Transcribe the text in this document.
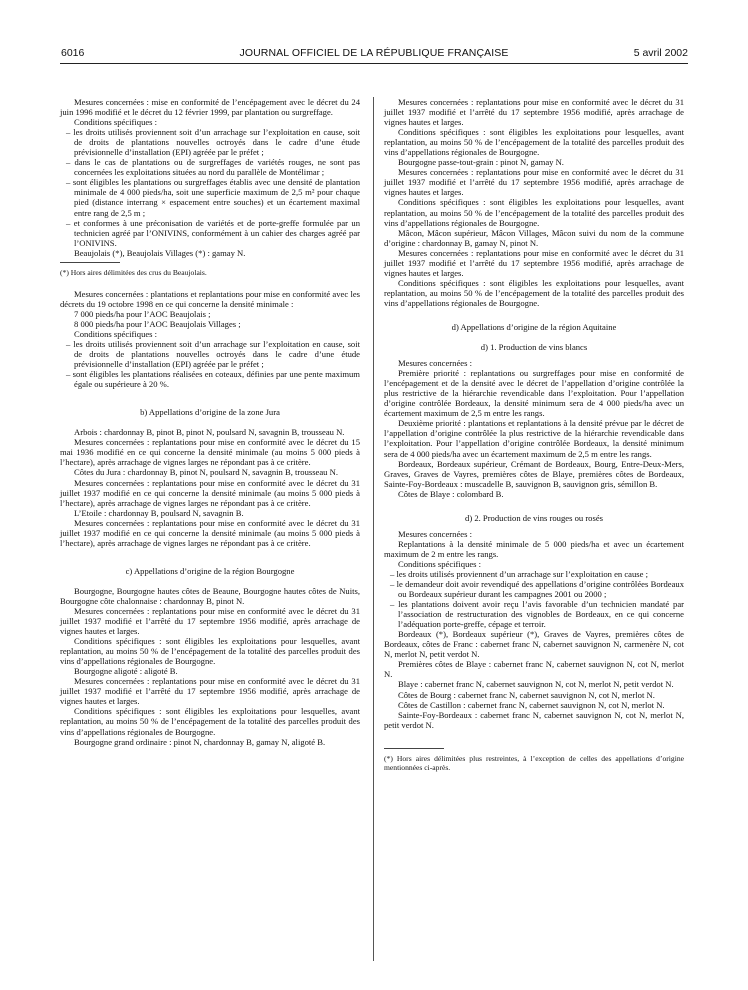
6016	JOURNAL OFFICIEL DE LA RÉPUBLIQUE FRANÇAISE	5 avril 2002

Mesures concernées : mise en conformité de l’encépagement avec le décret du 24 juin 1996 modifié et le décret du 12 février 1999, par plantation ou surgreffage.

Conditions spécifiques :

– les droits utilisés proviennent soit d’un arrachage sur l’exploitation en cause, soit de droits de plantations nouvelles octroyés dans le cadre d’une étude prévisionnelle d’installation (EPI) agréée par le préfet ;

– dans le cas de plantations ou de surgreffages de variétés rouges, ne sont pas concernées les exploitations situées au nord du parallèle de Montélimar ;

– sont éligibles les plantations ou surgreffages établis avec une densité de plantation minimale de 4 000 pieds/ha, soit une superficie maximum de 2,5 m² pour chaque pied (distance interrang × espacement entre souches) et un écartement maximal entre rang de 2,5 m ;

– et conformes à une préconisation de variétés et de porte-greffe formulée par un technicien agréé par l’ONIVINS, conformément à un cahier des charges agréé par l’ONIVINS.

Beaujolais (*), Beaujolais Villages (*) : gamay N.

(*) Hors aires délimitées des crus du Beaujolais.

Mesures concernées : plantations et replantations pour mise en conformité avec les décrets du 19 octobre 1998 en ce qui concerne la densité minimale :

7 000 pieds/ha pour l’AOC Beaujolais ;

8 000 pieds/ha pour l’AOC Beaujolais Villages ;

Conditions spécifiques :

– les droits utilisés proviennent soit d’un arrachage sur l’exploitation en cause, soit de droits de plantations nouvelles octroyés dans le cadre d’une étude prévisionnelle d’installation (EPI) agréée par le préfet ;

– sont éligibles les plantations réalisées en coteaux, définies par une pente maximum égale ou supérieure à 20 %.

b) Appellations d’origine de la zone Jura

Arbois : chardonnay B, pinot B, pinot N, poulsard N, savagnin B, trousseau N.

Mesures concernées : replantations pour mise en conformité avec le décret du 15 mai 1936 modifié en ce qui concerne la densité minimale (au moins 5 000 pieds à l’hectare), après arrachage de vignes larges ne répondant pas à ce critère.

Côtes du Jura : chardonnay B, pinot N, poulsard N, savagnin B, trousseau N.

Mesures concernées : replantations pour mise en conformité avec le décret du 31 juillet 1937 modifié en ce qui concerne la densité minimale (au moins 5 000 pieds à l’hectare), après arrachage de vignes larges ne répondant pas à ce critère.

L’Etoile : chardonnay B, poulsard N, savagnin B.

Mesures concernées : replantations pour mise en conformité avec le décret du 31 juillet 1937 modifié en ce qui concerne la densité minimale (au moins 5 000 pieds à l’hectare), après arrachage de vignes larges ne répondant pas à ce critère.

c) Appellations d’origine de la région Bourgogne

Bourgogne, Bourgogne hautes côtes de Beaune, Bourgogne hautes côtes de Nuits, Bourgogne côte chalonnaise : chardonnay B, pinot N.

Mesures concernées : replantations pour mise en conformité avec le décret du 31 juillet 1937 modifié et l’arrêté du 17 septembre 1956 modifié, après arrachage de vignes hautes et larges.

Conditions spécifiques : sont éligibles les exploitations pour lesquelles, avant replantation, au moins 50 % de l’encépagement de la totalité des parcelles produit des vins d’appellations régionales de Bourgogne.

Bourgogne aligoté : aligoté B.

Mesures concernées : replantations pour mise en conformité avec le décret du 31 juillet 1937 modifié et l’arrêté du 17 septembre 1956 modifié, après arrachage de vignes hautes et larges.

Conditions spécifiques : sont éligibles les exploitations pour lesquelles, avant replantation, au moins 50 % de l’encépagement de la totalité des parcelles produit des vins d’appellations régionales de Bourgogne.

Bourgogne grand ordinaire : pinot N, chardonnay B, gamay N, aligoté B.

Mesures concernées : replantations pour mise en conformité avec le décret du 31 juillet 1937 modifié et l’arrêté du 17 septembre 1956 modifié, après arrachage de vignes hautes et larges.

Conditions spécifiques : sont éligibles les exploitations pour lesquelles, avant replantation, au moins 50 % de l’encépagement de la totalité des parcelles produit des vins d’appellations régionales de Bourgogne.

Bourgogne passe-tout-grain : pinot N, gamay N.

Mesures concernées : replantations pour mise en conformité avec le décret du 31 juillet 1937 modifié et l’arrêté du 17 septembre 1956 modifié, après arrachage de vignes hautes et larges.

Conditions spécifiques : sont éligibles les exploitations pour lesquelles, avant replantation, au moins 50 % de l’encépagement de la totalité des parcelles produit des vins d’appellations régionales de Bourgogne.

Mâcon, Mâcon supérieur, Mâcon Villages, Mâcon suivi du nom de la commune d’origine : chardonnay B, gamay N, pinot N.

Mesures concernées : replantations pour mise en conformité avec le décret du 31 juillet 1937 modifié et l’arrêté du 17 septembre 1956 modifié, après arrachage de vignes hautes et larges.

Conditions spécifiques : sont éligibles les exploitations pour lesquelles, avant replantation, au moins 50 % de l’encépagement de la totalité des parcelles produit des vins d’appellations régionales de Bourgogne.

d) Appellations d’origine de la région Aquitaine

d) 1. Production de vins blancs

Mesures concernées :

Première priorité : replantations ou surgreffages pour mise en conformité de l’encépagement et de la densité avec le décret de l’appellation d’origine contrôlée la plus restrictive de la hiérarchie revendicable dans l’exploitation. Pour l’appellation d’origine contrôlée Bordeaux, la densité minimum sera de 4 000 pieds/ha avec un écartement maximum de 2,5 m entre les rangs.

Deuxième priorité : plantations et replantations à la densité prévue par le décret de l’appellation d’origine contrôlée la plus restrictive de la hiérarchie revendicable dans l’exploitation. Pour l’appellation d’origine contrôlée Bordeaux, la densité minimum sera de 4 000 pieds/ha avec un écartement maximum de 2,5 m entre les rangs.

Bordeaux, Bordeaux supérieur, Crémant de Bordeaux, Bourg, Entre-Deux-Mers, Graves, Graves de Vayres, premières côtes de Blaye, premières côtes de Bordeaux, Sainte-Foy-Bordeaux : muscadelle B, sauvignon B, sauvignon gris, sémillon B.

Côtes de Blaye : colombard B.

d) 2. Production de vins rouges ou rosés

Mesures concernées :

Replantations à la densité minimale de 5 000 pieds/ha et avec un écartement maximum de 2 m entre les rangs.

Conditions spécifiques :

– les droits utilisés proviennent d’un arrachage sur l’exploitation en cause ;

– le demandeur doit avoir revendiqué des appellations d’origine contrôlées Bordeaux ou Bordeaux supérieur durant les campagnes 2001 ou 2000 ;

– les plantations doivent avoir reçu l’avis favorable d’un technicien mandaté par l’association de restructuration des vignobles de Bordeaux, en ce qui concerne l’adéquation porte-greffe, cépage et terroir.

Bordeaux (*), Bordeaux supérieur (*), Graves de Vayres, premières côtes de Bordeaux, côtes de Franc : cabernet franc N, cabernet sauvignon N, carmenère N, cot N, merlot N, petit verdot N.

Premières côtes de Blaye : cabernet franc N, cabernet sauvignon N, cot N, merlot N.

Blaye : cabernet franc N, cabernet sauvignon N, cot N, merlot N, petit verdot N.

Côtes de Bourg : cabernet franc N, cabernet sauvignon N, cot N, merlot N.

Côtes de Castillon : cabernet franc N, cabernet sauvignon N, cot N, merlot N.

Sainte-Foy-Bordeaux : cabernet franc N, cabernet sauvignon N, cot N, merlot N, petit verdot N.

(*) Hors aires délimitées plus restreintes, à l’exception de celles des appellations d’origine mentionnées ci-après.
